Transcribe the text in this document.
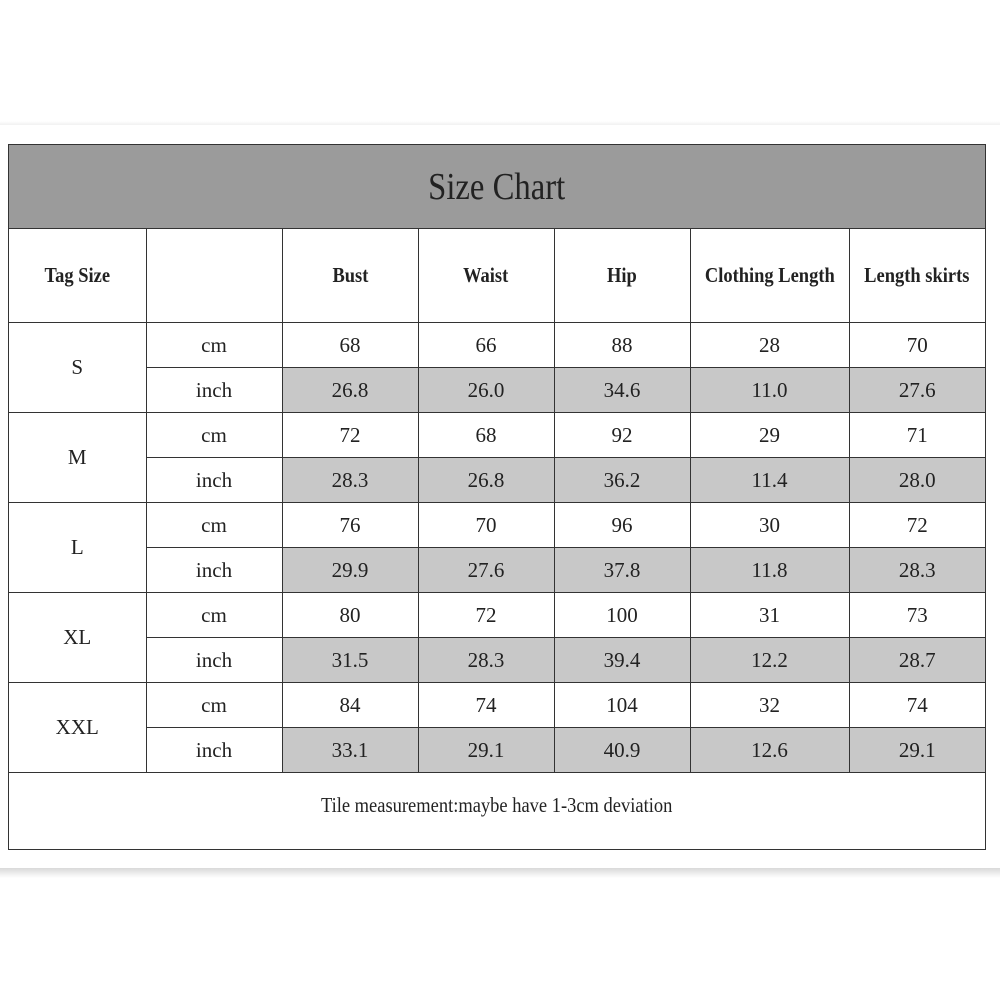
Size Chart
Tag Size		Bust	Waist	Hip	Clothing Length	Length skirts
S	cm	68	66	88	28	70
	inch	26.8	26.0	34.6	11.0	27.6
M	cm	72	68	92	29	71
	inch	28.3	26.8	36.2	11.4	28.0
L	cm	76	70	96	30	72
	inch	29.9	27.6	37.8	11.8	28.3
XL	cm	80	72	100	31	73
	inch	31.5	28.3	39.4	12.2	28.7
XXL	cm	84	74	104	32	74
	inch	33.1	29.1	40.9	12.6	29.1
Tile measurement:maybe have 1-3cm deviation						
